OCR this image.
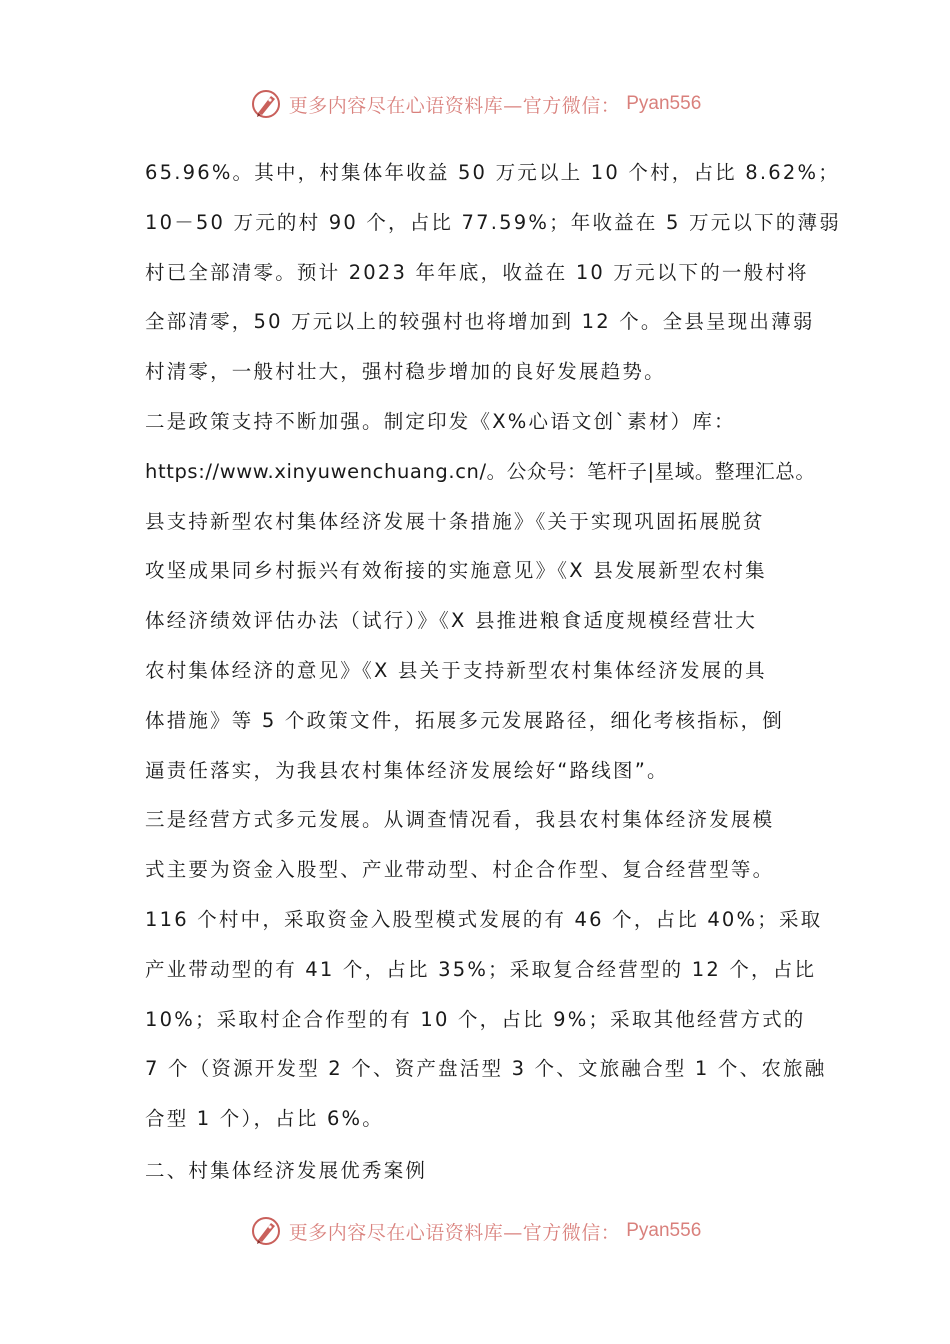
更多内容尽在心语资料库—官方微信： Pyan556
65.96%。其中，村集体年收益 50 万元以上 10 个村，占比 8.62%；
10－50 万元的村 90 个，占比 77.59%；年收益在 5 万元以下的薄弱
村已全部清零。预计 2023 年年底，收益在 10 万元以下的一般村将
全部清零，50 万元以上的较强村也将增加到 12 个。全县呈现出薄弱
村清零，一般村壮大，强村稳步增加的良好发展趋势。
二是政策支持不断加强。制定印发《X%心语文创`素材）库：
https://www.xinyuwenchuang.cn/。公众号：笔杆子|星域。整理汇总。
县支持新型农村集体经济发展十条措施》《关于实现巩固拓展脱贫
攻坚成果同乡村振兴有效衔接的实施意见》《X 县发展新型农村集
体经济绩效评估办法（试行）》《X 县推进粮食适度规模经营壮大
农村集体经济的意见》《X 县关于支持新型农村集体经济发展的具
体措施》等 5 个政策文件，拓展多元发展路径，细化考核指标，倒
逼责任落实，为我县农村集体经济发展绘好“路线图”。
三是经营方式多元发展。从调查情况看，我县农村集体经济发展模
式主要为资金入股型、产业带动型、村企合作型、复合经营型等。
116 个村中，采取资金入股型模式发展的有 46 个，占比 40%；采取
产业带动型的有 41 个，占比 35%；采取复合经营型的 12 个，占比
10%；采取村企合作型的有 10 个，占比 9%；采取其他经营方式的
7 个（资源开发型 2 个、资产盘活型 3 个、文旅融合型 1 个、农旅融
合型 1 个），占比 6%。
二、村集体经济发展优秀案例
更多内容尽在心语资料库—官方微信： Pyan556
